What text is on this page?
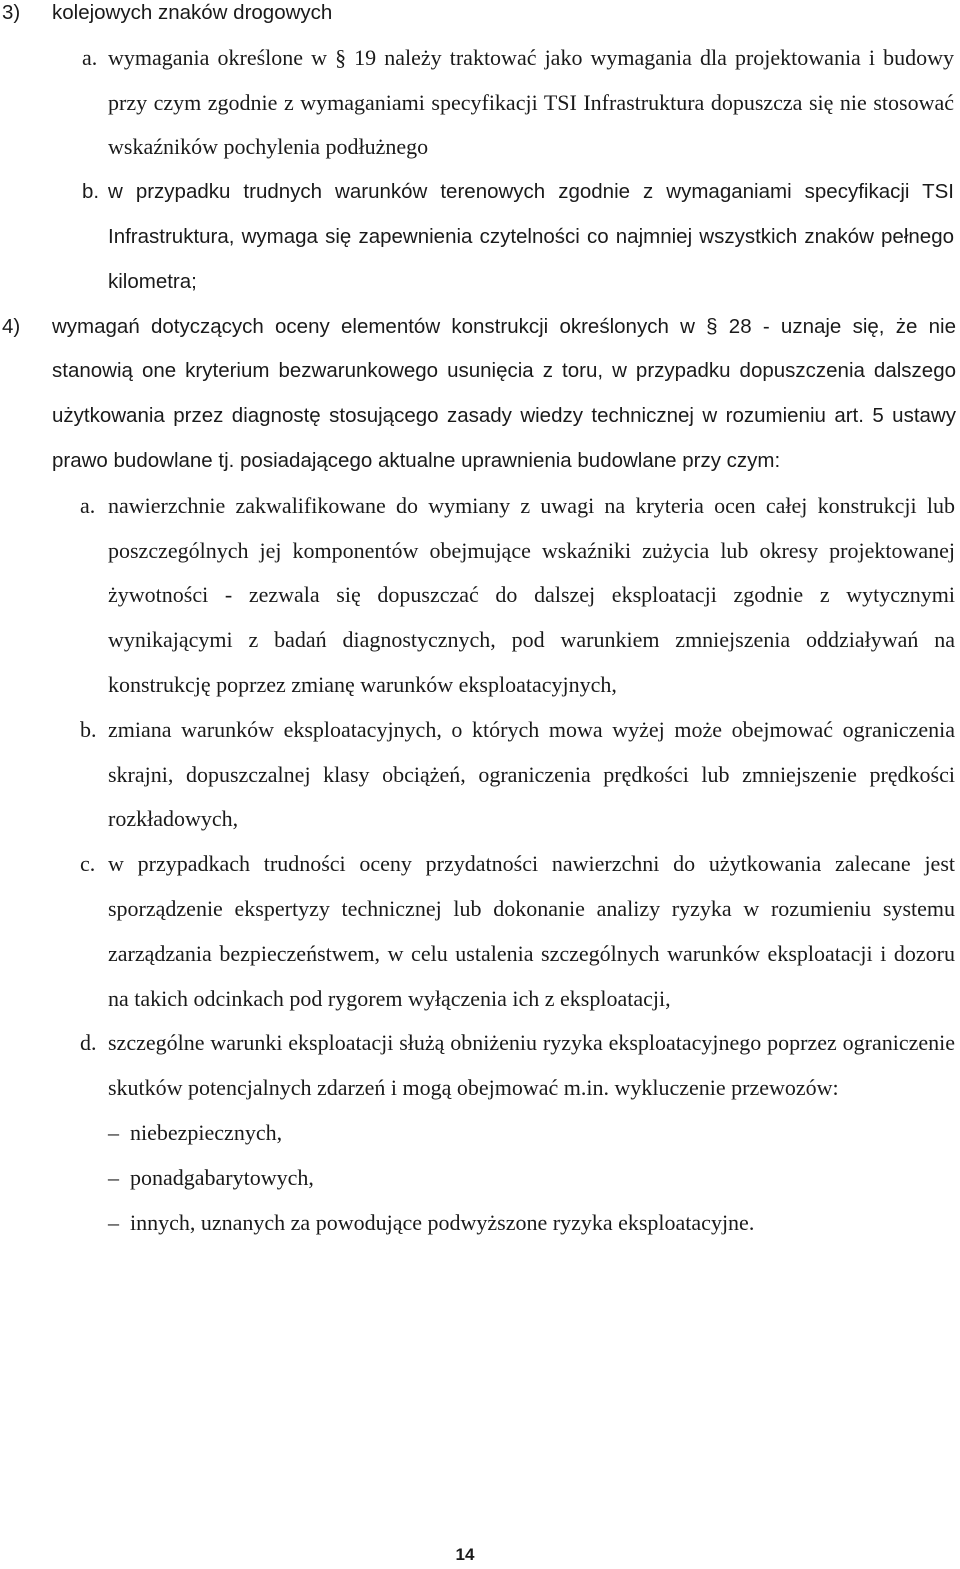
3) kolejowych znaków drogowych
a. wymagania określone w § 19 należy traktować jako wymagania dla projektowania i budowy przy czym zgodnie z wymaganiami specyfikacji TSI Infrastruktura dopuszcza się nie stosować wskaźników pochylenia podłużnego
b. w przypadku trudnych warunków terenowych zgodnie z wymaganiami specyfikacji TSI Infrastruktura, wymaga się zapewnienia czytelności co najmniej wszystkich znaków pełnego kilometra;
4) wymagań dotyczących oceny elementów konstrukcji określonych w § 28 - uznaje się, że nie stanowią one kryterium bezwarunkowego usunięcia z toru, w przypadku dopuszczenia dalszego użytkowania przez diagnostę stosującego zasady wiedzy technicznej w rozumieniu art. 5 ustawy prawo budowlane tj. posiadającego aktualne uprawnienia budowlane przy czym:
a. nawierzchnie zakwalifikowane do wymiany z uwagi na kryteria ocen całej konstrukcji lub poszczególnych jej komponentów obejmujące wskaźniki zużycia lub okresy projektowanej żywotności - zezwala się dopuszczać do dalszej eksploatacji zgodnie z wytycznymi wynikającymi z badań diagnostycznych, pod warunkiem zmniejszenia oddziaływań na konstrukcję poprzez zmianę warunków eksploatacyjnych,
b. zmiana warunków eksploatacyjnych, o których mowa wyżej może obejmować ograniczenia skrajni, dopuszczalnej klasy obciążeń, ograniczenia prędkości lub zmniejszenie prędkości rozkładowych,
c. w przypadkach trudności oceny przydatności nawierzchni do użytkowania zalecane jest sporządzenie ekspertyzy technicznej lub dokonanie analizy ryzyka w rozumieniu systemu zarządzania bezpieczeństwem, w celu ustalenia szczególnych warunków eksploatacji i dozoru na takich odcinkach pod rygorem wyłączenia ich z eksploatacji,
d. szczególne warunki eksploatacji służą obniżeniu ryzyka eksploatacyjnego poprzez ograniczenie skutków potencjalnych zdarzeń i mogą obejmować m.in. wykluczenie przewozów:
– niebezpiecznych,
– ponadgabarytowych,
– innych, uznanych za powodujące podwyższone ryzyka eksploatacyjne.
14
